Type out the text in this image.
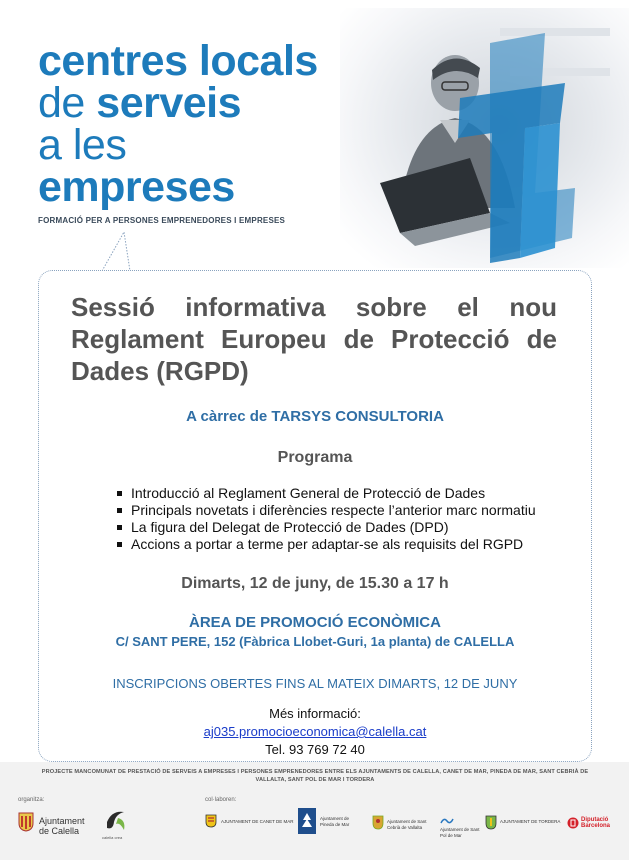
centres locals
de serveis
a les
empreses
FORMACIÓ PER A PERSONES EMPRENEDORES I EMPRESES
Sessió informativa sobre el nou Reglament Europeu de Protecció de Dades (RGPD)
A càrrec de TARSYS CONSULTORIA
Programa
Introducció al Reglament General de Protecció de Dades
Principals novetats i diferències respecte l’anterior marc normatiu
La figura del Delegat de Protecció de Dades (DPD)
Accions a portar a terme per adaptar-se als requisits del RGPD
Dimarts, 12 de juny, de 15.30 a 17 h
ÀREA DE PROMOCIÓ ECONÒMICA
C/ SANT PERE, 152 (Fàbrica Llobet-Guri, 1a planta) de CALELLA
INSCRIPCIONS OBERTES FINS AL MATEIX DIMARTS, 12 DE JUNY
Més informació:
aj035.promocioeconomica@calella.cat
Tel. 93 769 72 40
PROJECTE MANCOMUNAT DE PRESTACIÓ DE SERVEIS A EMPRESES I PERSONES EMPRENEDORES ENTRE ELS AJUNTAMENTS DE CALELLA, CANET DE MAR, PINEDA DE MAR, SANT CEBRIÀ DE VALLALTA, SANT POL DE MAR I TORDERA
organitza:	col·laboren:
Ajuntament
de Calella
calella crea
AJUNTAMENT DE CANET DE MAR
Ajuntament de Pineda de Mar
Ajuntament de Sant Cebrià de Vallalta	Ajuntament de Sant Pol de Mar
AJUNTAMENT DE TORDERA	Diputació
Barcelona
